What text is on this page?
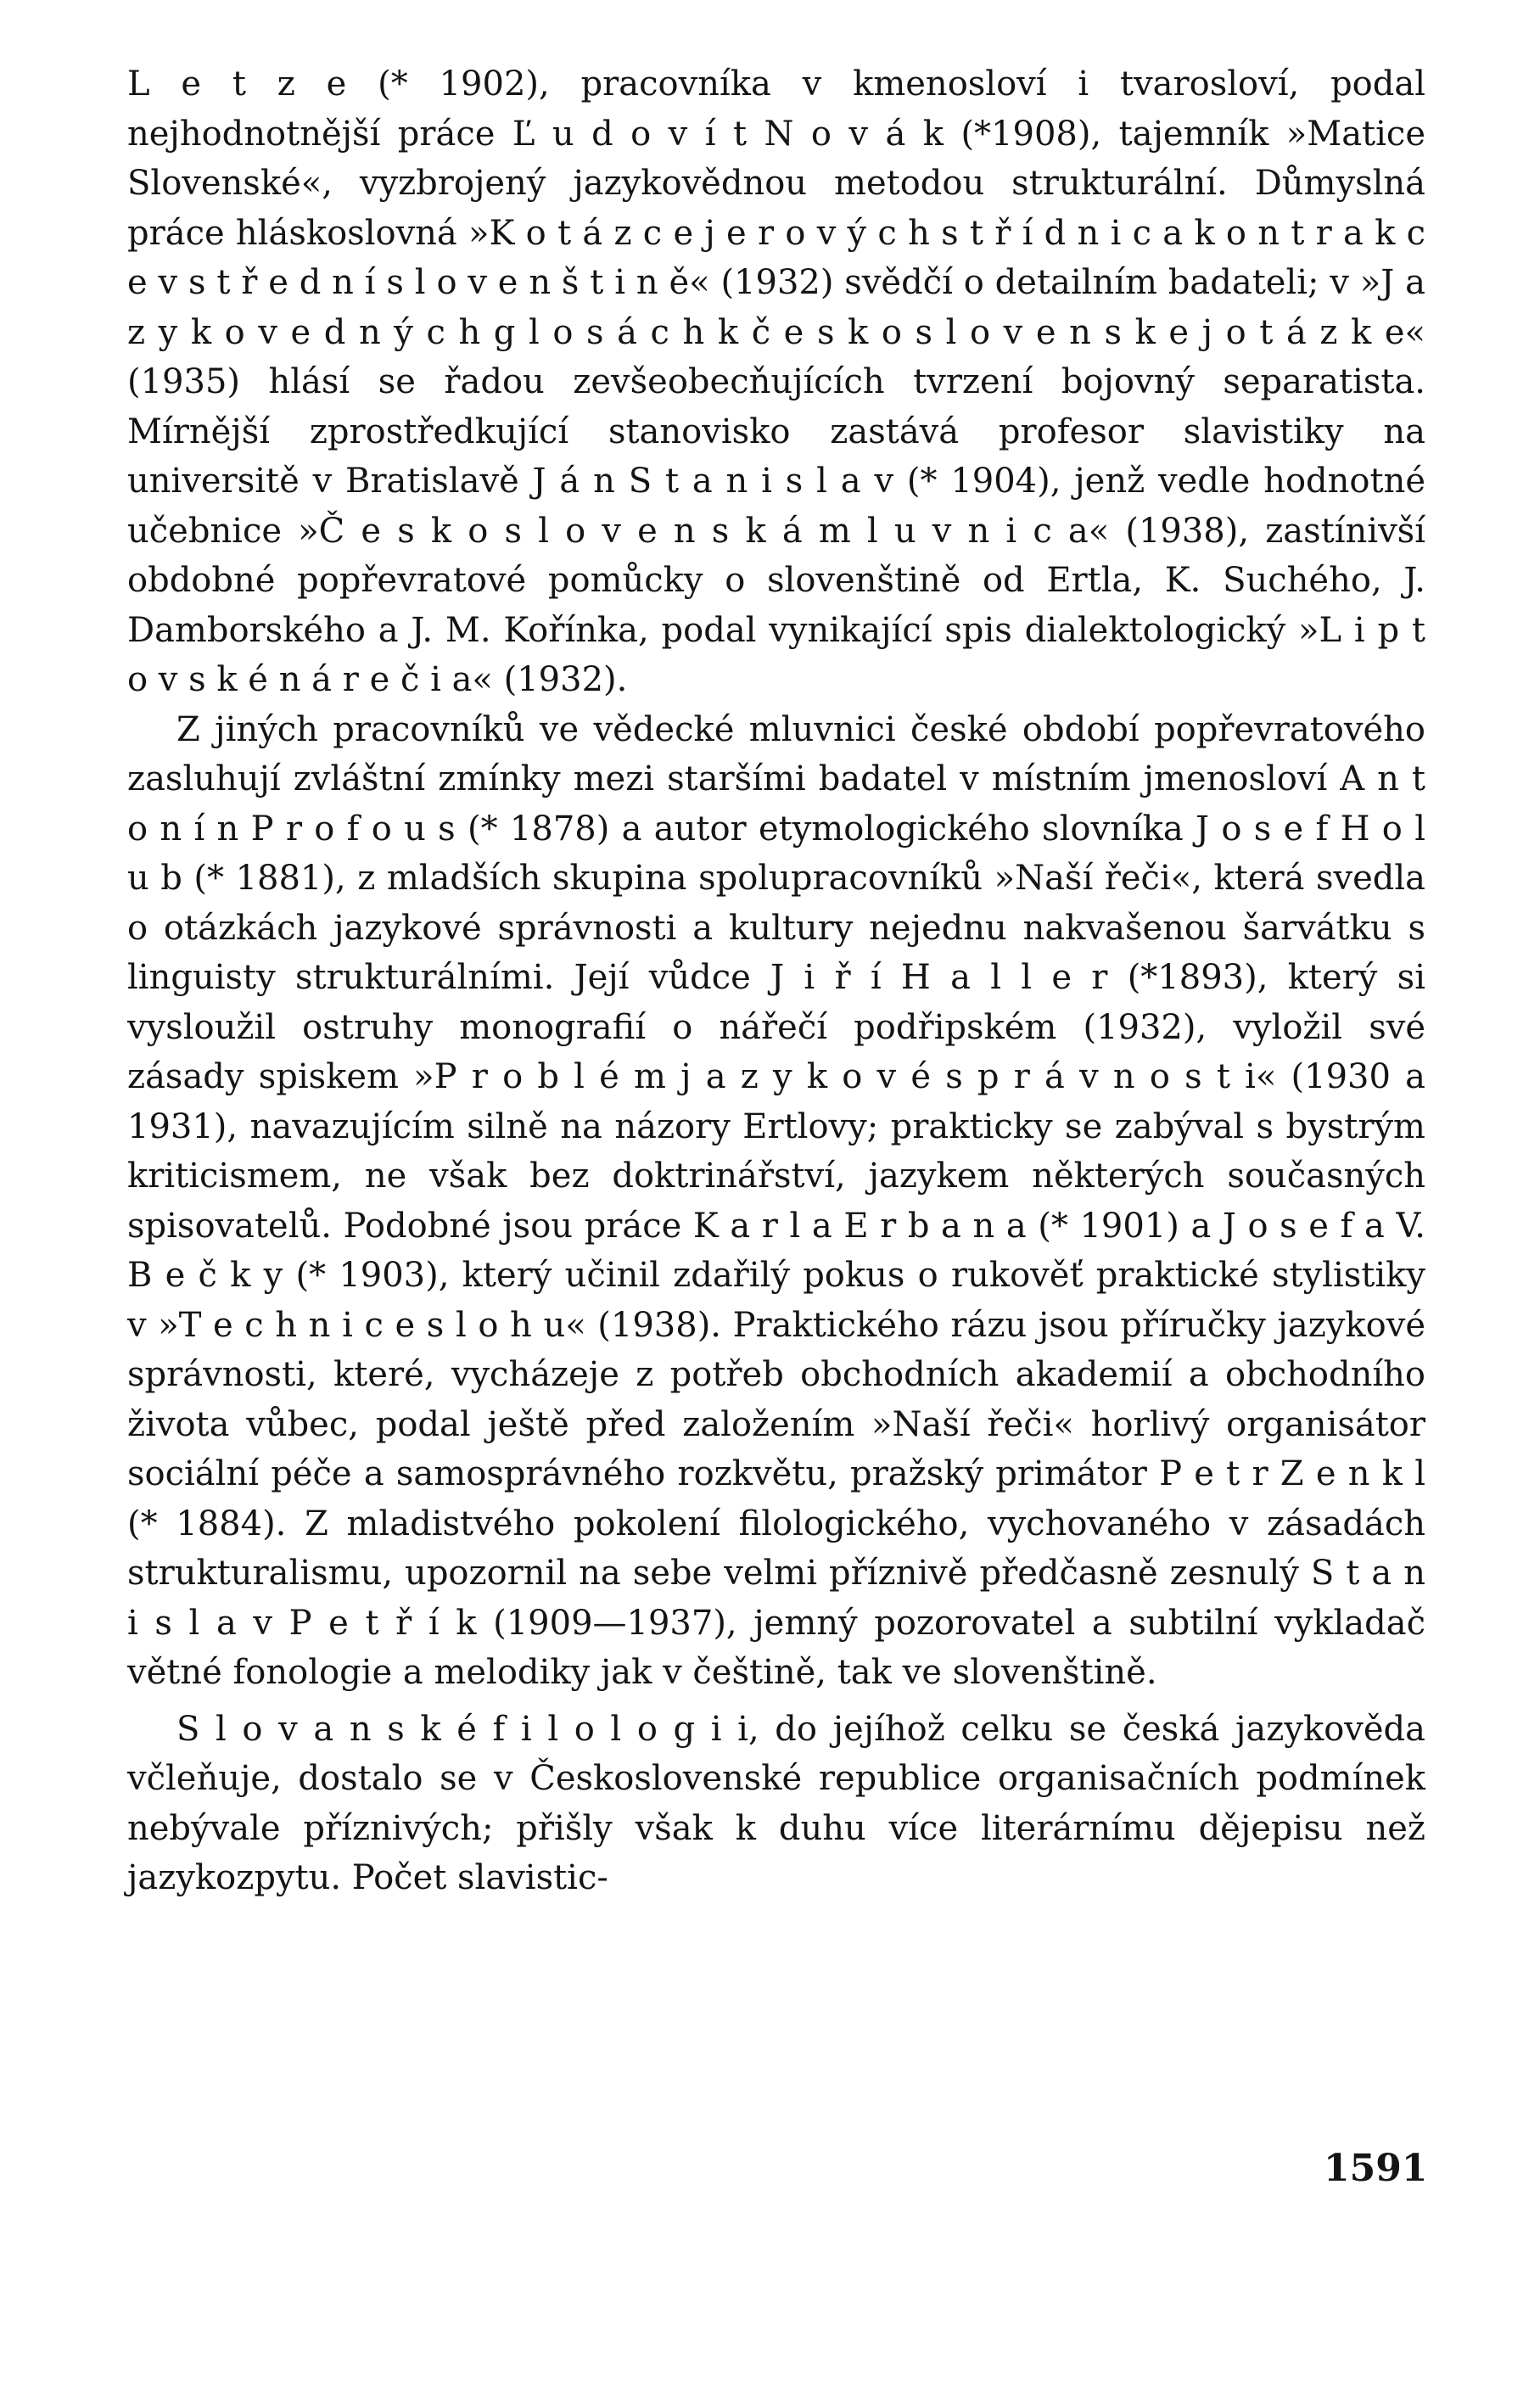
L e t z e (* 1902), pracovníka v kmenosloví i tvarosloví, podal nejhodnotnější práce Ľ u d o v í t N o v á k (*1908), tajemník »Matice Slovenské«, vyzbrojený jazykovědnou metodou strukturální. Důmyslná práce hláskoslovná »K o t á z c e j e r o v ý c h s t ř í d n i c a k o n t r a k c e v s t ř e d n í s l o v e n š t i n ě« (1932) svědčí o detailním badateli; v »J a z y k o v e d n ý c h g l o s á c h k č e s k o s l o v e n s k e j o t á z k e« (1935) hlásí se řadou zevšeobecňujících tvrzení bojovný separatista. Mírnější zprostředkující stanovisko zastává profesor slavistiky na universitě v Bratislavě J á n S t a n i s l a v (* 1904), jenž vedle hodnotné učebnice »Č e s k o s l o v e n s k á m l u v n i c a« (1938), zastínivší obdobné popřevratové pomůcky o slovenštině od Ertla, K. Suchého, J. Damborského a J. M. Kořínka, podal vynikající spis dialektologický »L i p t o v s k é n á r e č i a« (1932).

Z jiných pracovníků ve vědecké mluvnici české období popřevratového zasluhují zvláštní zmínky mezi staršími badatel v místním jmenosloví A n t o n í n P r o f o u s (* 1878) a autor etymologického slovníka J o s e f H o l u b (* 1881), z mladších skupina spolupracovníků »Naší řeči«, která svedla o otázkách jazykové správnosti a kultury nejednu nakvašenou šarvátku s linguisty strukturálními. Její vůdce J i ř í H a l l e r (*1893), který si vysloužil ostruhy monografií o nářečí podřipském (1932), vyložil své zásady spiskem »P r o b l é m j a z y k o v é s p r á v n o s t i« (1930 a 1931), navazujícím silně na názory Ertlovy; prakticky se zabýval s bystrým kriticismem, ne však bez doktrinářství, jazykem některých současných spisovatelů. Podobné jsou práce K a r l a E r b a n a (* 1901) a J o s e f a V. B e č k y (* 1903), který učinil zdařilý pokus o rukověť praktické stylistiky v »T e c h n i c e s l o h u« (1938). Praktického rázu jsou příručky jazykové správnosti, které, vycházeje z potřeb obchodních akademií a obchodního života vůbec, podal ještě před založením »Naší řeči« horlivý organisátor sociální péče a samosprávného rozkvětu, pražský primátor P e t r Z e n k l (* 1884). Z mladistvého pokolení filologického, vychovaného v zásadách strukturalismu, upozornil na sebe velmi příznivě předčasně zesnulý S t a n i s l a v P e t ř í k (1909—1937), jemný pozorovatel a subtilní vykladač větné fonologie a melodiky jak v češtině, tak ve slovenštině.

S l o v a n s k é f i l o l o g i i, do jejíhož celku se česká jazykověda včleňuje, dostalo se v Československé republice organisačních podmínek nebývale příznivých; přišly však k duhu více literárnímu dějepisu než jazykozpytu. Počet slavistic-

1591
